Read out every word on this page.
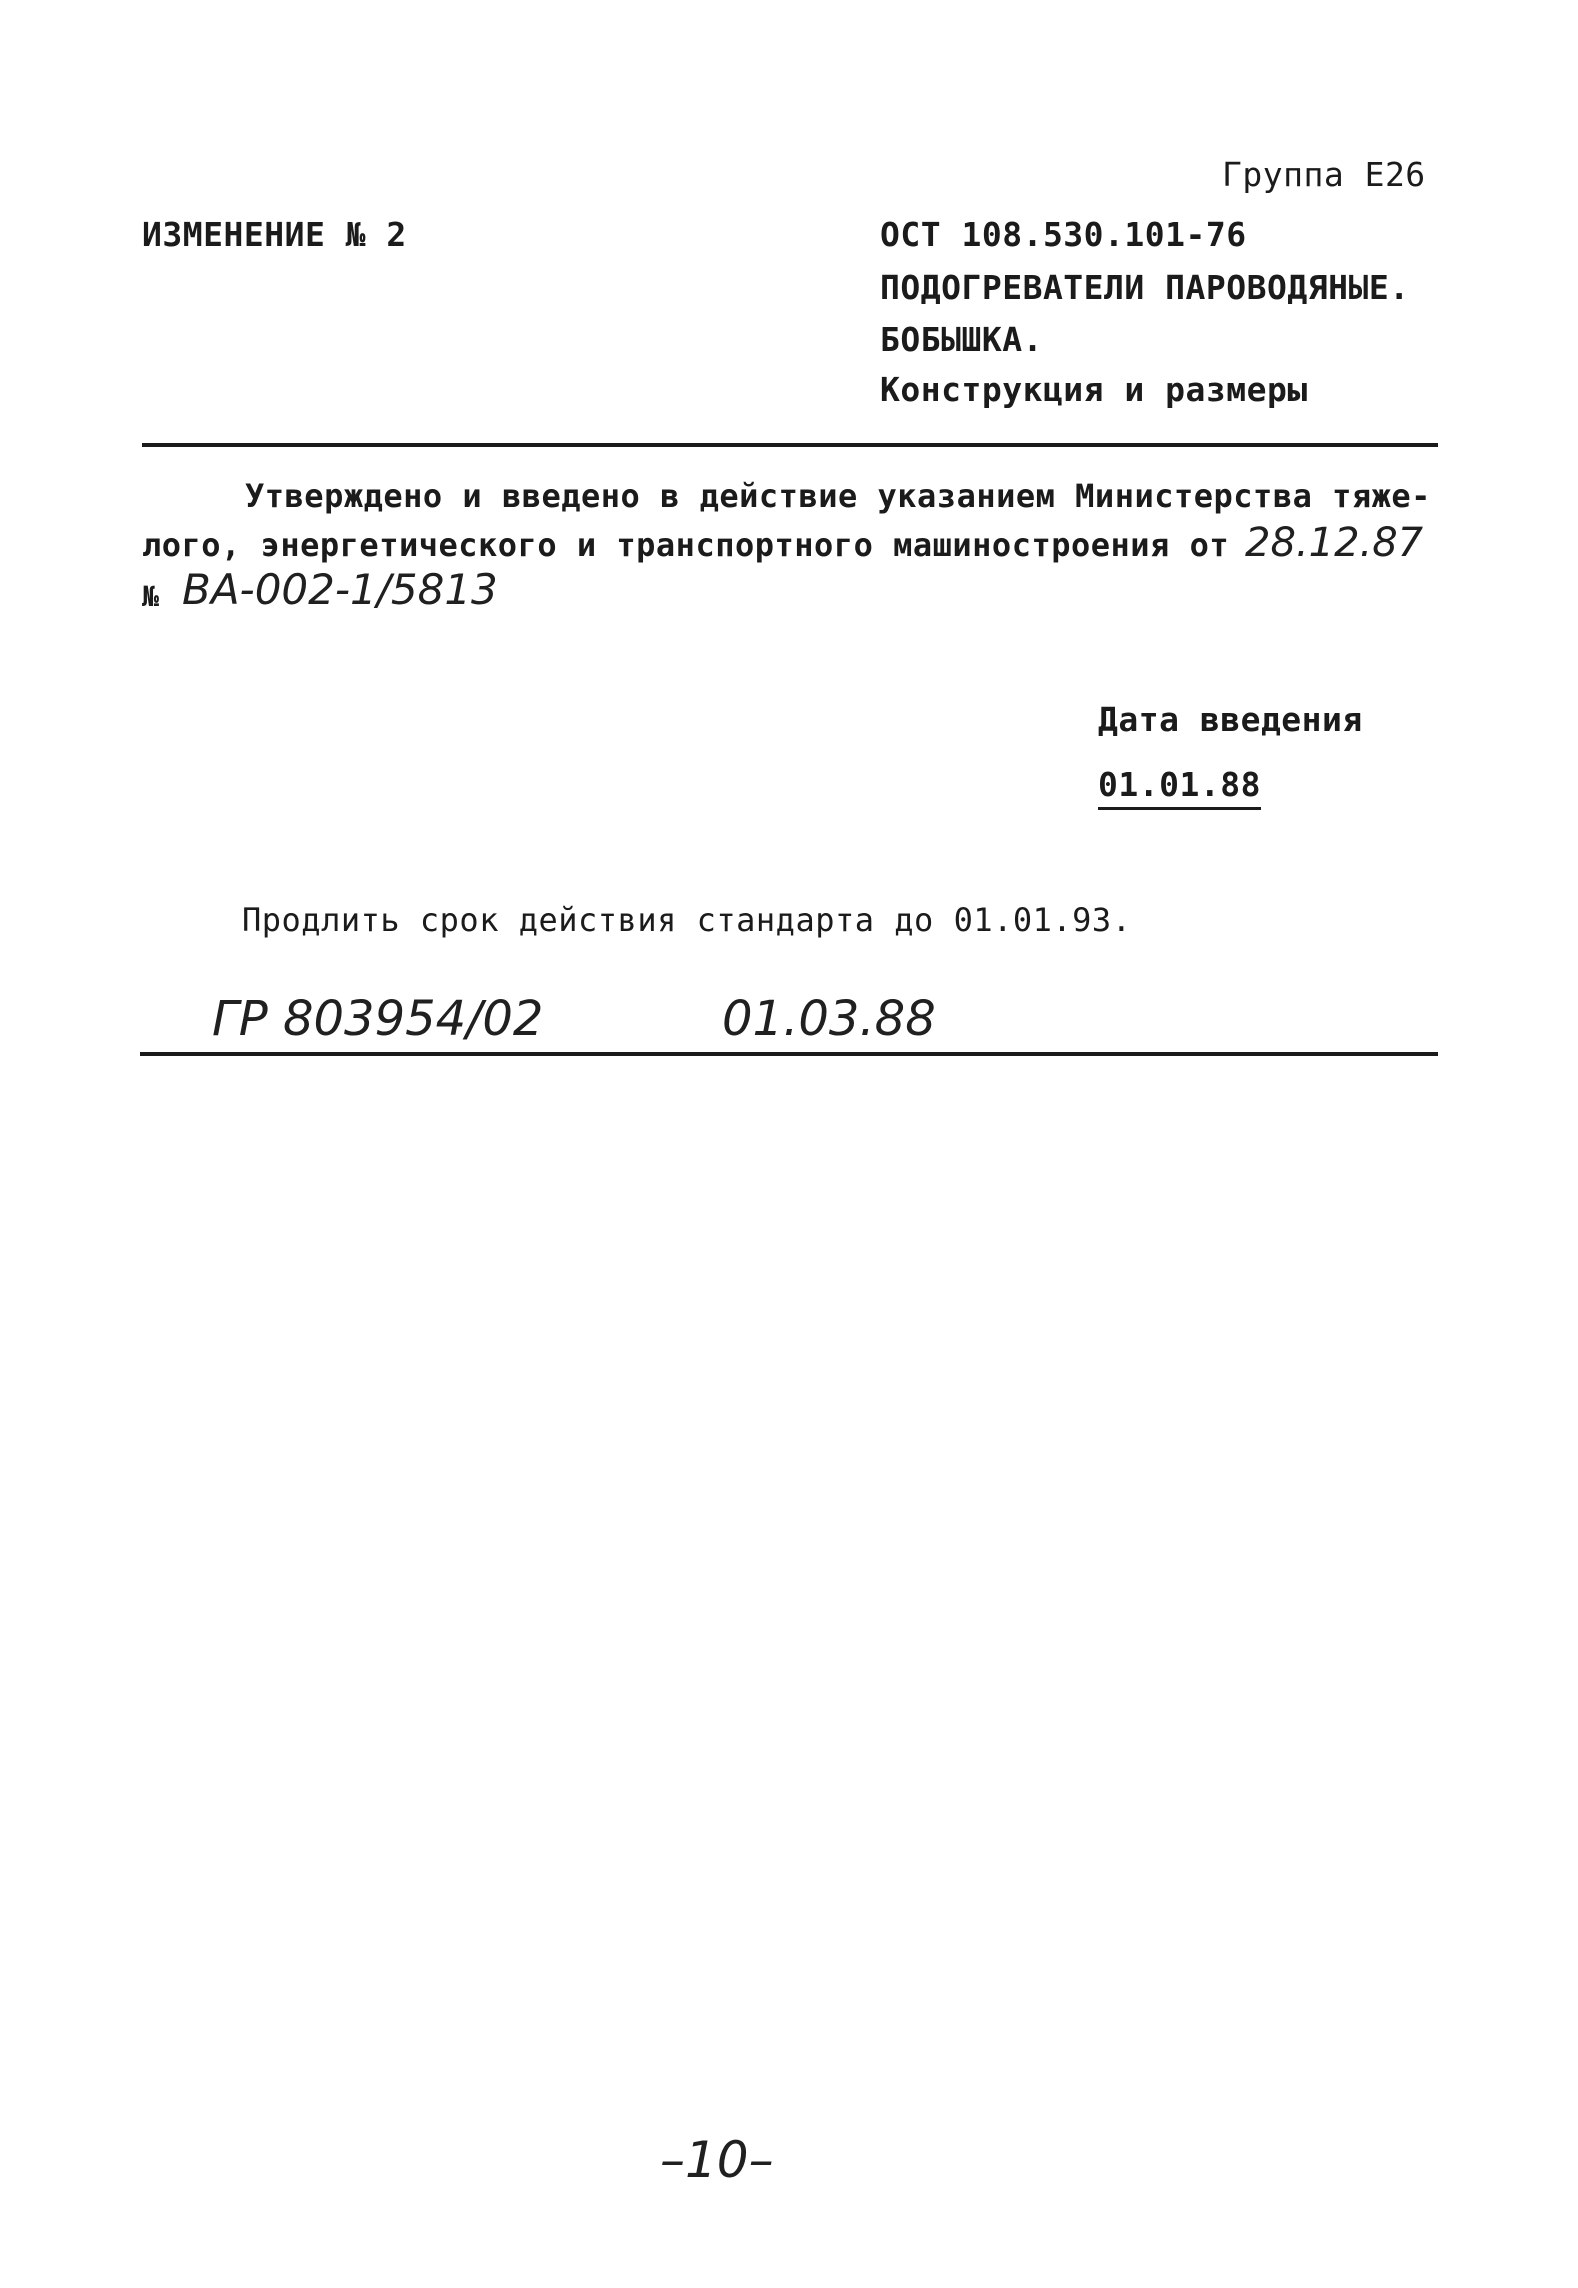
Группа Е26
ИЗМЕНЕНИЕ № 2	ОСТ 108.530.101-76
ПОДОГРЕВАТЕЛИ ПАРОВОДЯНЫЕ.
БОБЫШКА.
Конструкция и размеры
Утверждено и введено в действие указанием Министерства тяже-
лого, энергетического и транспортного машиностроения от 28.12.87
№ ВА-002-1/5813
Дата введения
01.01.88
Продлить срок действия стандарта до 01.01.93.
ГР 803954/02	01.03.88
–10–
